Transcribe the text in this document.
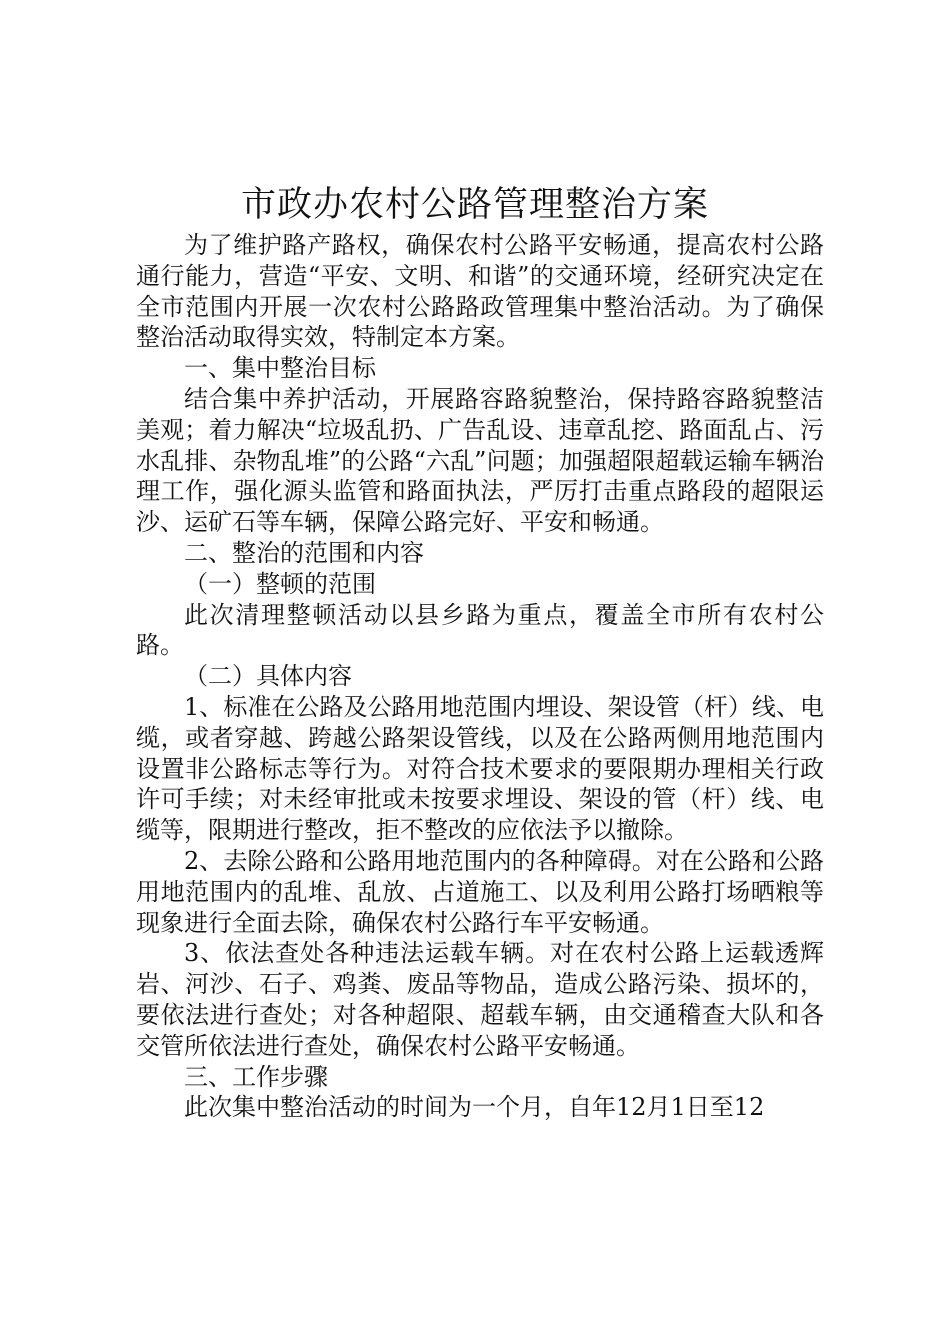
市政办农村公路管理整治方案

为了维护路产路权，确保农村公路平安畅通，提高农村公路通行能力，营造“平安、文明、和谐”的交通环境，经研究决定在全市范围内开展一次农村公路路政管理集中整治活动。为了确保整治活动取得实效，特制定本方案。

一、集中整治目标

结合集中养护活动，开展路容路貌整治，保持路容路貌整洁美观；着力解决“垃圾乱扔、广告乱设、违章乱挖、路面乱占、污水乱排、杂物乱堆”的公路“六乱”问题；加强超限超载运输车辆治理工作，强化源头监管和路面执法，严厉打击重点路段的超限运沙、运矿石等车辆，保障公路完好、平安和畅通。

二、整治的范围和内容

（一）整顿的范围

此次清理整顿活动以县乡路为重点，覆盖全市所有农村公路。

（二）具体内容

1、标准在公路及公路用地范围内埋设、架设管（杆）线、电缆，或者穿越、跨越公路架设管线，以及在公路两侧用地范围内设置非公路标志等行为。对符合技术要求的要限期办理相关行政许可手续；对未经审批或未按要求埋设、架设的管（杆）线、电缆等，限期进行整改，拒不整改的应依法予以撤除。

2、去除公路和公路用地范围内的各种障碍。对在公路和公路用地范围内的乱堆、乱放、占道施工、以及利用公路打场晒粮等现象进行全面去除，确保农村公路行车平安畅通。

3、依法查处各种违法运载车辆。对在农村公路上运载透辉岩、河沙、石子、鸡粪、废品等物品，造成公路污染、损坏的，要依法进行查处；对各种超限、超载车辆，由交通稽查大队和各交管所依法进行查处，确保农村公路平安畅通。

三、工作步骤

此次集中整治活动的时间为一个月，自年12月1日至12
